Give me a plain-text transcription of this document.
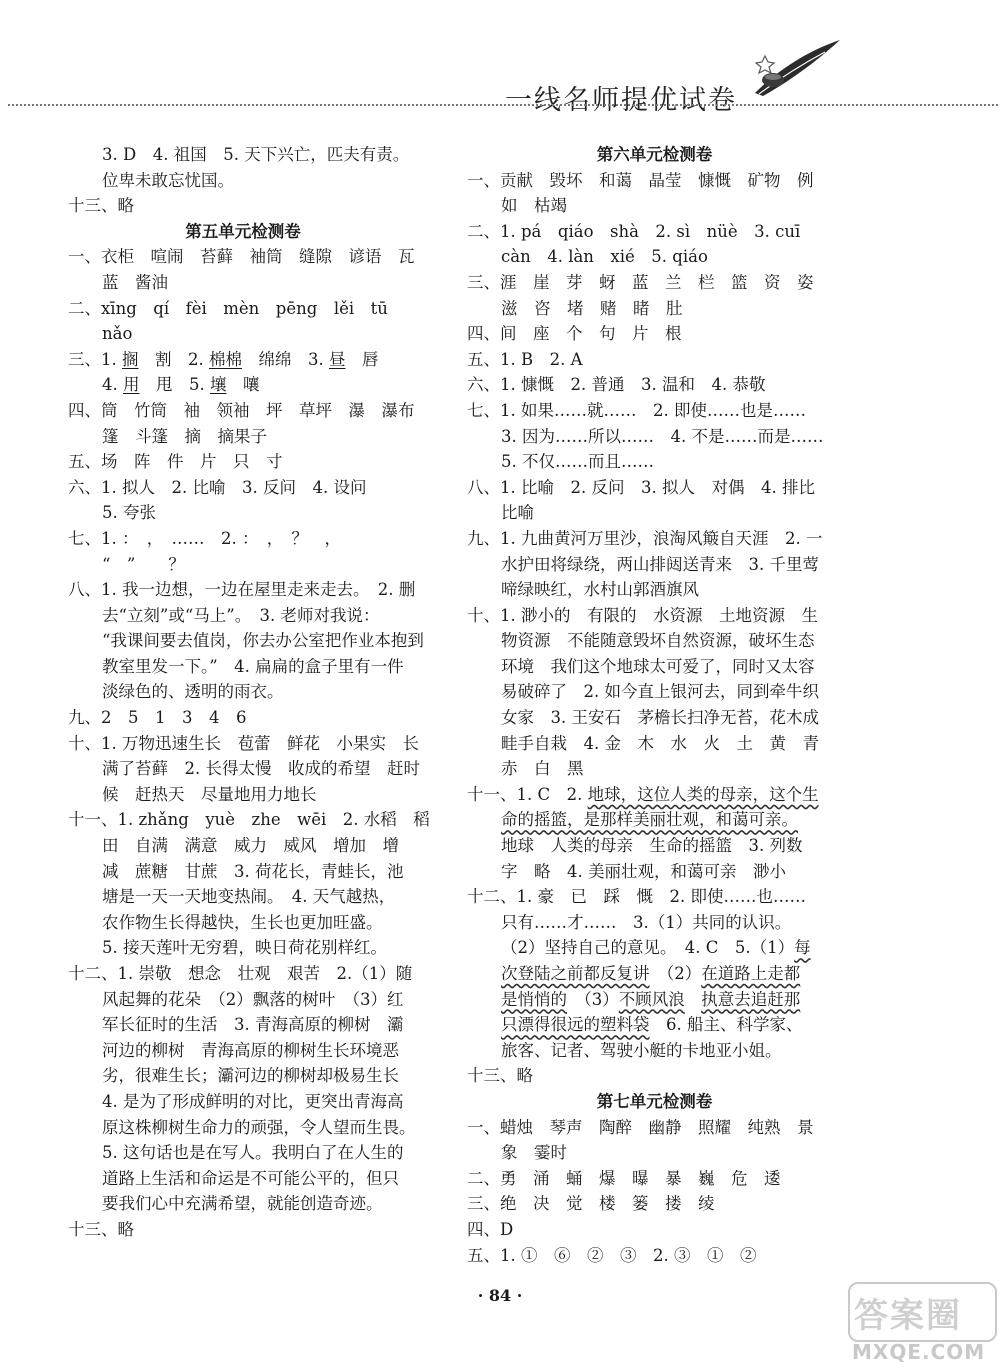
一线名师提优试卷
3. D　4. 祖国　5. 天下兴亡，匹夫有责。
位卑未敢忘忧国。
十三、略
第五单元检测卷
一、衣柜　喧闹　苔藓　袖筒　缝隙　谚语　瓦
蓝　酱油
二、xīng　qí　fèi　mèn　pēng　lěi　tū
nǎo
三、1. 搁　割　2. 棉棉　绵绵　3. 昼　唇
4. 用　甩　5. 壤　嚷
四、筒　竹筒　袖　领袖　坪　草坪　瀑　瀑布
篷　斗篷　摘　摘果子
五、场　阵　件　片　只　寸
六、1. 拟人　2. 比喻　3. 反问　4. 设问
5. 夸张
七、1. ：　，　……　2. ：　，　？　，
“　”　　？
八、1. 我一边想，一边在屋里走来走去。　2. 删
去“立刻”或“马上”。　3. 老师对我说：
“我课间要去值岗，你去办公室把作业本抱到
教室里发一下。”　4. 扁扁的盒子里有一件
淡绿色的、透明的雨衣。
九、2　5　1　3　4　6
十、1. 万物迅速生长　苞蕾　鲜花　小果实　长
满了苔藓　2. 长得太慢　收成的希望　赶时
候　赶热天　尽量地用力地长
十一、1. zhǎng　yuè　zhe　wēi　2. 水稻　稻
田　自满　满意　威力　威风　增加　增
减　蔗糖　甘蔗　3. 荷花长，青蛙长，池
塘是一天一天地变热闹。　4. 天气越热，
农作物生长得越快，生长也更加旺盛。
5. 接天莲叶无穷碧，映日荷花别样红。
十二、1. 崇敬　想念　壮观　艰苦　2.（1）随
风起舞的花朵　（2）飘落的树叶　（3）红
军长征时的生活　3. 青海高原的柳树　灞
河边的柳树　青海高原的柳树生长环境恶
劣，很难生长；灞河边的柳树却极易生长
4. 是为了形成鲜明的对比，更突出青海高
原这株柳树生命力的顽强，令人望而生畏。
5. 这句话也是在写人。我明白了在人生的
道路上生活和命运是不可能公平的，但只
要我们心中充满希望，就能创造奇迹。
十三、略
第六单元检测卷
一、贡献　毁坏　和蔼　晶莹　慷慨　矿物　例
如　枯竭
二、1. pá　qiáo　shà　2. sì　nüè　3. cuī
càn　4. làn　xié　5. qiáo
三、涯　崖　芽　蚜　蓝　兰　栏　篮　资　姿
滋　咨　堵　赌　睹　肚
四、间　座　个　句　片　根
五、1. B　2. A
六、1. 慷慨　2. 普通　3. 温和　4. 恭敬
七、1. 如果……就……　2. 即使……也是……
3. 因为……所以……　4. 不是……而是……
5. 不仅……而且……
八、1. 比喻　2. 反问　3. 拟人　对偶　4. 排比
比喻
九、1. 九曲黄河万里沙，浪淘风簸自天涯　2. 一
水护田将绿绕，两山排闼送青来　3. 千里莺
啼绿映红，水村山郭酒旗风
十、1. 渺小的　有限的　水资源　土地资源　生
物资源　不能随意毁坏自然资源，破坏生态
环境　我们这个地球太可爱了，同时又太容
易破碎了　2. 如今直上银河去，同到牵牛织
女家　3. 王安石　茅檐长扫净无苔，花木成
畦手自栽　4. 金　木　水　火　土　黄　青
赤　白　黑
十一、1. C　2. 地球，这位人类的母亲，这个生
命的摇篮，是那样美丽壮观，和蔼可亲。
地球　人类的母亲　生命的摇篮　3. 列数
字　略　4. 美丽壮观，和蔼可亲　渺小
十二、1. 豪　已　踩　慨　2. 即使……也……
只有……才……　3.（1）共同的认识。
（2）坚持自己的意见。　4. C　5.（1）每
次登陆之前都反复讲　（2）在道路上走都
是悄悄的　（3）不顾风浪　 执意去追赶那
只漂得很远的塑料袋　6. 船主、科学家、
旅客、记者、驾驶小艇的卡地亚小姐。
十三、略
第七单元检测卷
一、蜡烛　琴声　陶醉　幽静　照耀　纯熟　景
象　霎时
二、勇　涌　蛹　爆　曝　暴　巍　危　逶
三、绝　决　觉　楼　篓　搂　绫
四、D
五、1. ①　⑥　②　③　2. ③　①　②
· 84 ·
答案圈
MXQE.COM
